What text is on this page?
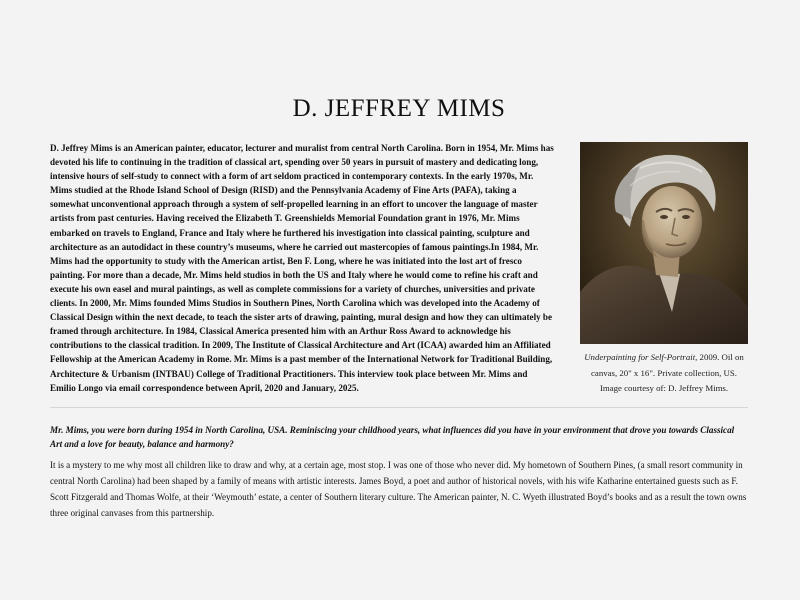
D. JEFFREY MIMS

D. Jeffrey Mims is an American painter, educator, lecturer and muralist from central North Carolina. Born in 1954, Mr. Mims has devoted his life to continuing in the tradition of classical art, spending over 50 years in pursuit of mastery and dedicating long, intensive hours of self-study to connect with a form of art seldom practiced in contemporary contexts. In the early 1970s, Mr. Mims studied at the Rhode Island School of Design (RISD) and the Pennsylvania Academy of Fine Arts (PAFA), taking a somewhat unconventional approach through a system of self-propelled learning in an effort to uncover the language of master artists from past centuries. Having received the Elizabeth T. Greenshields Memorial Foundation grant in 1976, Mr. Mims embarked on travels to England, France and Italy where he furthered his investigation into classical painting, sculpture and architecture as an autodidact in these country’s museums, where he carried out mastercopies of famous paintings.In 1984, Mr. Mims had the opportunity to study with the American artist, Ben F. Long, where he was initiated into the lost art of fresco painting. For more than a decade, Mr. Mims held studios in both the US and Italy where he would come to refine his craft and execute his own easel and mural paintings, as well as complete commissions for a variety of churches, universities and private clients. In 2000, Mr. Mims founded Mims Studios in Southern Pines, North Carolina which was developed into the Academy of Classical Design within the next decade, to teach the sister arts of drawing, painting, mural design and how they can ultimately be framed through architecture. In 1984, Classical America presented him with an Arthur Ross Award to acknowledge his contributions to the classical tradition. In 2009, The Institute of Classical Architecture and Art (ICAA) awarded him an Affiliated Fellowship at the American Academy in Rome. Mr. Mims is a past member of the International Network for Traditional Building, Architecture & Urbanism (INTBAU) College of Traditional Practitioners. This interview took place between Mr. Mims and Emilio Longo via email correspondence between April, 2020 and January, 2025.

Underpainting for Self-Portrait, 2009. Oil on canvas, 20" x 16". Private collection, US. Image courtesy of: D. Jeffrey Mims.

Mr. Mims, you were born during 1954 in North Carolina, USA. Reminiscing your childhood years, what influences did you have in your environment that drove you towards Classical Art and a love for beauty, balance and harmony?

It is a mystery to me why most all children like to draw and why, at a certain age, most stop. I was one of those who never did. My hometown of Southern Pines, (a small resort community in central North Carolina) had been shaped by a family of means with artistic interests. James Boyd, a poet and author of historical novels, with his wife Katharine entertained guests such as F. Scott Fitzgerald and Thomas Wolfe, at their ‘Weymouth’ estate, a center of Southern literary culture. The American painter, N. C. Wyeth illustrated Boyd’s books and as a result the town owns three original canvases from this partnership.
